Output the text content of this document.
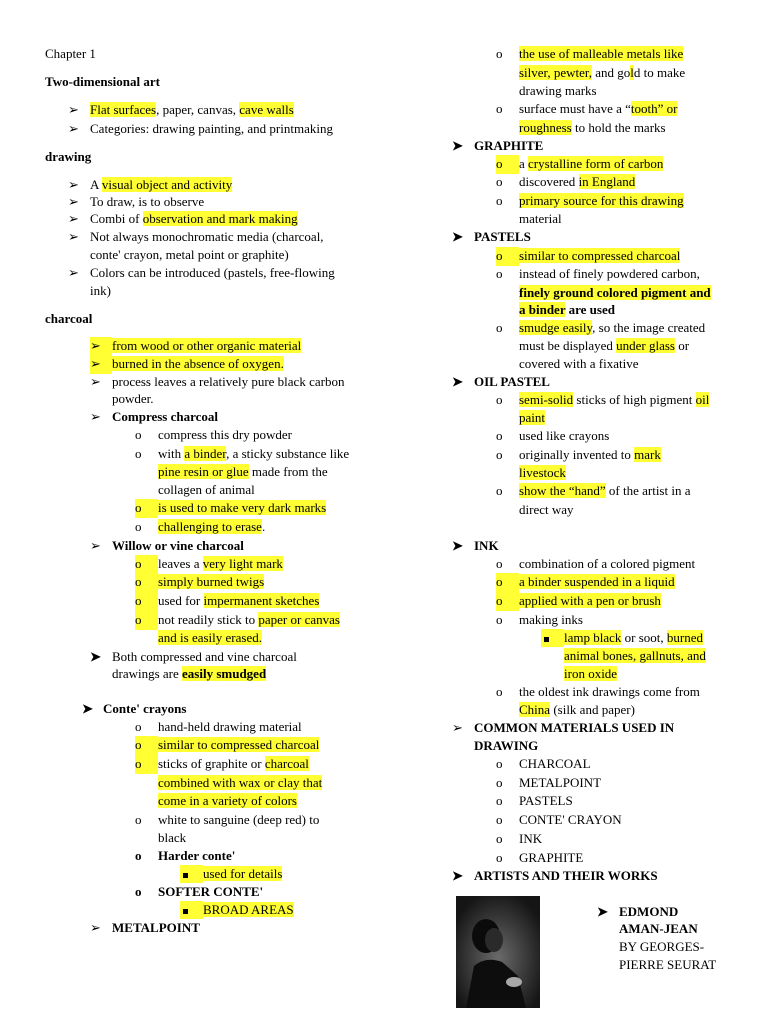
Chapter 1
Two-dimensional art
➢ Flat surfaces, paper, canvas, cave walls
➢ Categories: drawing painting, and printmaking
drawing
➢ A visual object and activity
➢ To draw, is to observe
➢ Combi of observation and mark making
➢ Not always monochromatic media (charcoal,
conte' crayon, metal point or graphite)
➢ Colors can be introduced (pastels, free-flowing
ink)
charcoal
➢ from wood or other organic material
➢ burned in the absence of oxygen.
➢ process leaves a relatively pure black carbon
powder.
➢ Compress charcoal
o compress this dry powder
o with a binder, a sticky substance like
pine resin or glue made from the
collagen of animal
o	is used to make very dark marks
o challenging to erase.
➢ Willow or vine charcoal
o	leaves a very light mark
o	simply burned twigs
o	used for impermanent sketches
o	not readily stick to paper or canvas
and is easily erased.
➤ Both compressed and vine charcoal
drawings are easily smudged
➤ Conte' crayons
o hand-held drawing material
o	similar to compressed charcoal
o	sticks of graphite or charcoal
combined with wax or clay that
come in a variety of colors
o white to sanguine (deep red) to
black
o Harder conte'
used for details
o SOFTER CONTE'
BROAD AREAS
➢ METALPOINT
o the use of malleable metals like
silver, pewter, and gold to make
drawing marks
o surface must have a “tooth” or
roughness to hold the marks
➤ GRAPHITE
o	a crystalline form of carbon
o discovered in England
o primary source for this drawing
material
➤ PASTELS
o	similar to compressed charcoal
o instead of finely powdered carbon,
finely ground colored pigment and
a binder are used
o smudge easily, so the image created
must be displayed under glass or
covered with a fixative
➤ OIL PASTEL
o semi-solid sticks of high pigment oil
paint
o used like crayons
o originally invented to mark
livestock
o show the “hand” of the artist in a
direct way
➤ INK
o combination of a colored pigment
o	a binder suspended in a liquid
o	applied with a pen or brush
o making inks
lamp black or soot, burned
animal bones, gallnuts, and
iron oxide
o the oldest ink drawings come from
China (silk and paper)
➢ COMMON MATERIALS USED IN
DRAWING
o CHARCOAL
o METALPOINT
o PASTELS
o CONTE' CRAYON
o INK
o GRAPHITE
➤ ARTISTS AND THEIR WORKS
➤ EDMOND
AMAN-JEAN
BY GEORGES-
PIERRE SEURAT
